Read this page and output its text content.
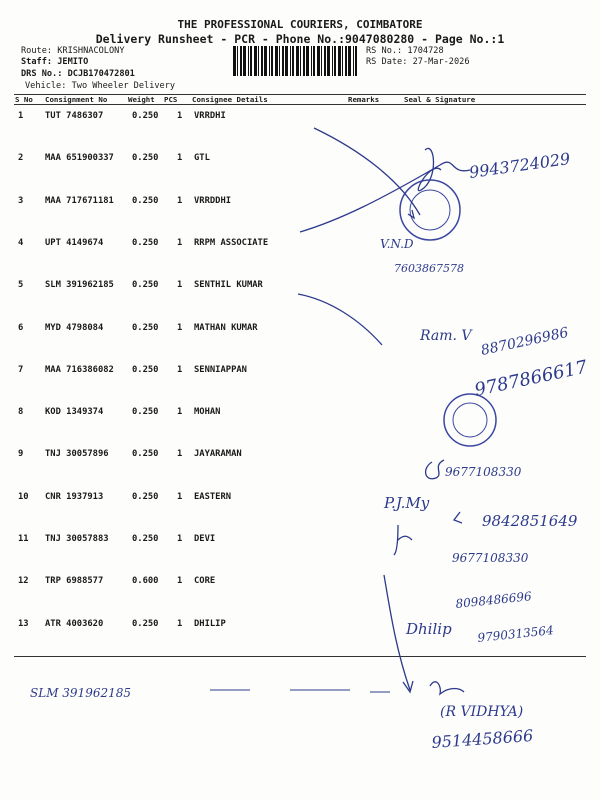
THE PROFESSIONAL COURIERS, COIMBATORE
Delivery Runsheet - PCR - Phone No.:9047080280 - Page No.:1
Route: KRISHNACOLONY
Staff: JEMITO
DRS No.: DCJB170472801
Vehicle: Two Wheeler Delivery
RS No.: 1704728
RS Date: 27-Mar-2026
S No Consignment No	Weight PCS Consignee Details	Remarks	Seal & Signature
1 TUT 7486307	0.250 1 VRRDHI
2 MAA 651900337 0.250 1 GTL
3 MAA 717671181 0.250 1 VRRDDHI
4 UPT 4149674	0.250 1 RRPM ASSOCIATE
5 SLM 391962185 0.250 1 SENTHIL KUMAR
6 MYD 4798084	0.250 1 MATHAN KUMAR
7 MAA 716386082 0.250 1 SENNIAPPAN
8 KOD 1349374	0.250 1 MOHAN
9 TNJ 30057896	0.250 1 JAYARAMAN
10 CNR 1937913	0.250 1 EASTERN
11 TNJ 30057883	0.250 1 DEVI
12 TRP 6988577	0.600 1 CORE
13 ATR 4003620	0.250 1 DHILIP
9943724029
V.N.D
7603867578
Ram. V 8870296986
9787866617
9677108330
P.J.My
9842851649
9677108330
8098486696
Dhilip 9790313564
SLM 391962185
(R VIDHYA)
9514458666
